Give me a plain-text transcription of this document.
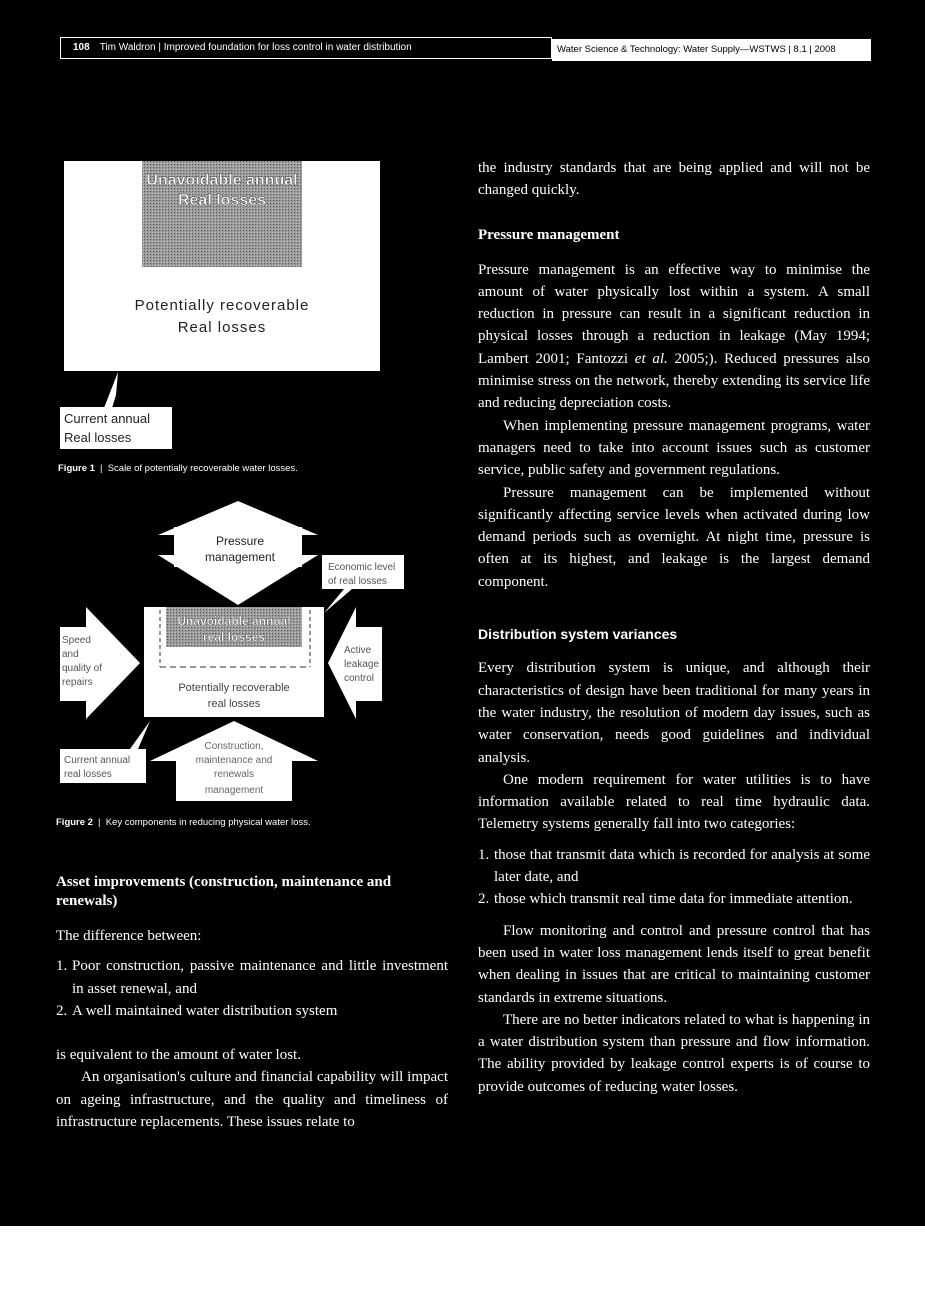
108 Tim Waldron | Improved foundation for loss control in water distribution	Water Science & Technology: Water Supply—WSTWS | 8.1 | 2008
Unavoidable annual
Real losses
Potentially recoverable
Real losses
Current annual
Real losses
Figure 1 |  Scale of potentially recoverable water losses.
Unavoidable annual
real losses
Potentially recoverable
real losses
Pressure
management
Economic level
of real losses
Speed
and
quality of
repairs
Active
leakage
control
Construction,
maintenance and
renewals
management
Current annual
real losses
Figure 2 |  Key components in reducing physical water loss.
Asset improvements (construction, maintenance and renewals)

The difference between:

1. Poor construction, passive maintenance and little investment in asset renewal, and
2. A well maintained water distribution system

is equivalent to the amount of water lost.

An organisation's culture and financial capability will impact on ageing infrastructure, and the quality and timeliness of infrastructure replacements. These issues relate to

the industry standards that are being applied and will not be changed quickly.

Pressure management

Pressure management is an effective way to minimise the amount of water physically lost within a system. A small reduction in pressure can result in a significant reduction in physical losses through a reduction in leakage (May 1994; Lambert 2001; Fantozzi et al. 2005;). Reduced pressures also minimise stress on the network, thereby extending its service life and reducing depreciation costs.

When implementing pressure management programs, water managers need to take into account issues such as customer service, public safety and government regulations.

Pressure management can be implemented without significantly affecting service levels when activated during low demand periods such as overnight. At night time, pressure is often at its highest, and leakage is the largest demand component.

Distribution system variances

Every distribution system is unique, and although their characteristics of design have been traditional for many years in the water industry, the resolution of modern day issues, such as water conservation, needs good guidelines and individual analysis.

One modern requirement for water utilities is to have information available related to real time hydraulic data. Telemetry systems generally fall into two categories:

1. those that transmit data which is recorded for analysis at some later date, and
2. those which transmit real time data for immediate attention.

Flow monitoring and control and pressure control that has been used in water loss management lends itself to great benefit when dealing in issues that are critical to maintaining customer standards in extreme situations.

There are no better indicators related to what is happening in a water distribution system than pressure and flow information. The ability provided by leakage control experts is of course to provide outcomes of reducing water losses.
